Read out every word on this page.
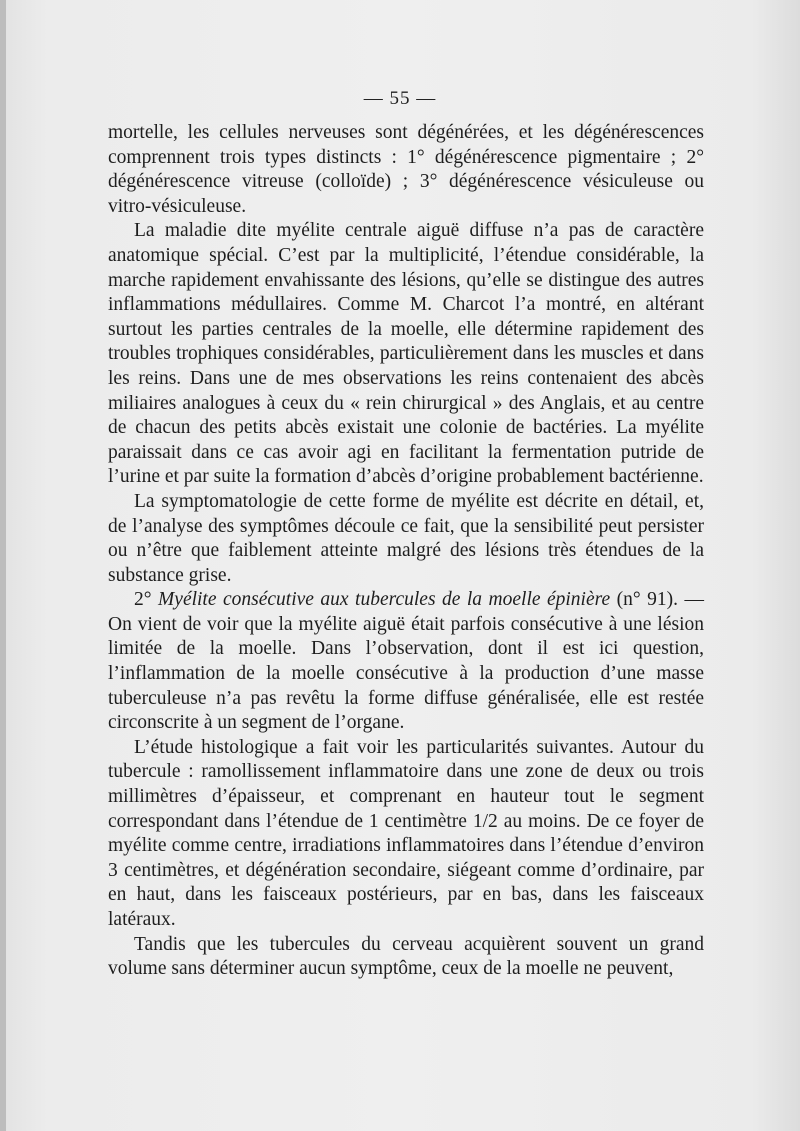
— 55 —

mortelle, les cellules nerveuses sont dégénérées, et les dégénérescences comprennent trois types distincts : 1° dégénérescence pigmentaire ; 2° dégénérescence vitreuse (colloïde) ; 3° dégénérescence vésiculeuse ou vitro-vésiculeuse.

La maladie dite myélite centrale aiguë diffuse n’a pas de caractère anatomique spécial. C’est par la multiplicité, l’étendue considérable, la marche rapidement envahissante des lésions, qu’elle se distingue des autres inflammations médullaires. Comme M. Charcot l’a montré, en altérant surtout les parties centrales de la moelle, elle détermine rapidement des troubles trophiques considérables, particulièrement dans les muscles et dans les reins. Dans une de mes observations les reins contenaient des abcès miliaires analogues à ceux du « rein chirurgical » des Anglais, et au centre de chacun des petits abcès existait une colonie de bactéries. La myélite paraissait dans ce cas avoir agi en facilitant la fermentation putride de l’urine et par suite la formation d’abcès d’origine probablement bactérienne.

La symptomatologie de cette forme de myélite est décrite en détail, et, de l’analyse des symptômes découle ce fait, que la sensibilité peut persister ou n’être que faiblement atteinte malgré des lésions très étendues de la substance grise.

2° Myélite consécutive aux tubercules de la moelle épinière (n° 91). — On vient de voir que la myélite aiguë était parfois consécutive à une lésion limitée de la moelle. Dans l’observation, dont il est ici question, l’inflammation de la moelle consécutive à la production d’une masse tuberculeuse n’a pas revêtu la forme diffuse généralisée, elle est restée circonscrite à un segment de l’organe.

L’étude histologique a fait voir les particularités suivantes. Autour du tubercule : ramollissement inflammatoire dans une zone de deux ou trois millimètres d’épaisseur, et comprenant en hauteur tout le segment correspondant dans l’étendue de 1 centimètre 1/2 au moins. De ce foyer de myélite comme centre, irradiations inflammatoires dans l’étendue d’environ 3 centimètres, et dégénération secondaire, siégeant comme d’ordinaire, par en haut, dans les faisceaux postérieurs, par en bas, dans les faisceaux latéraux.

Tandis que les tubercules du cerveau acquièrent souvent un grand volume sans déterminer aucun symptôme, ceux de la moelle ne peuvent,
